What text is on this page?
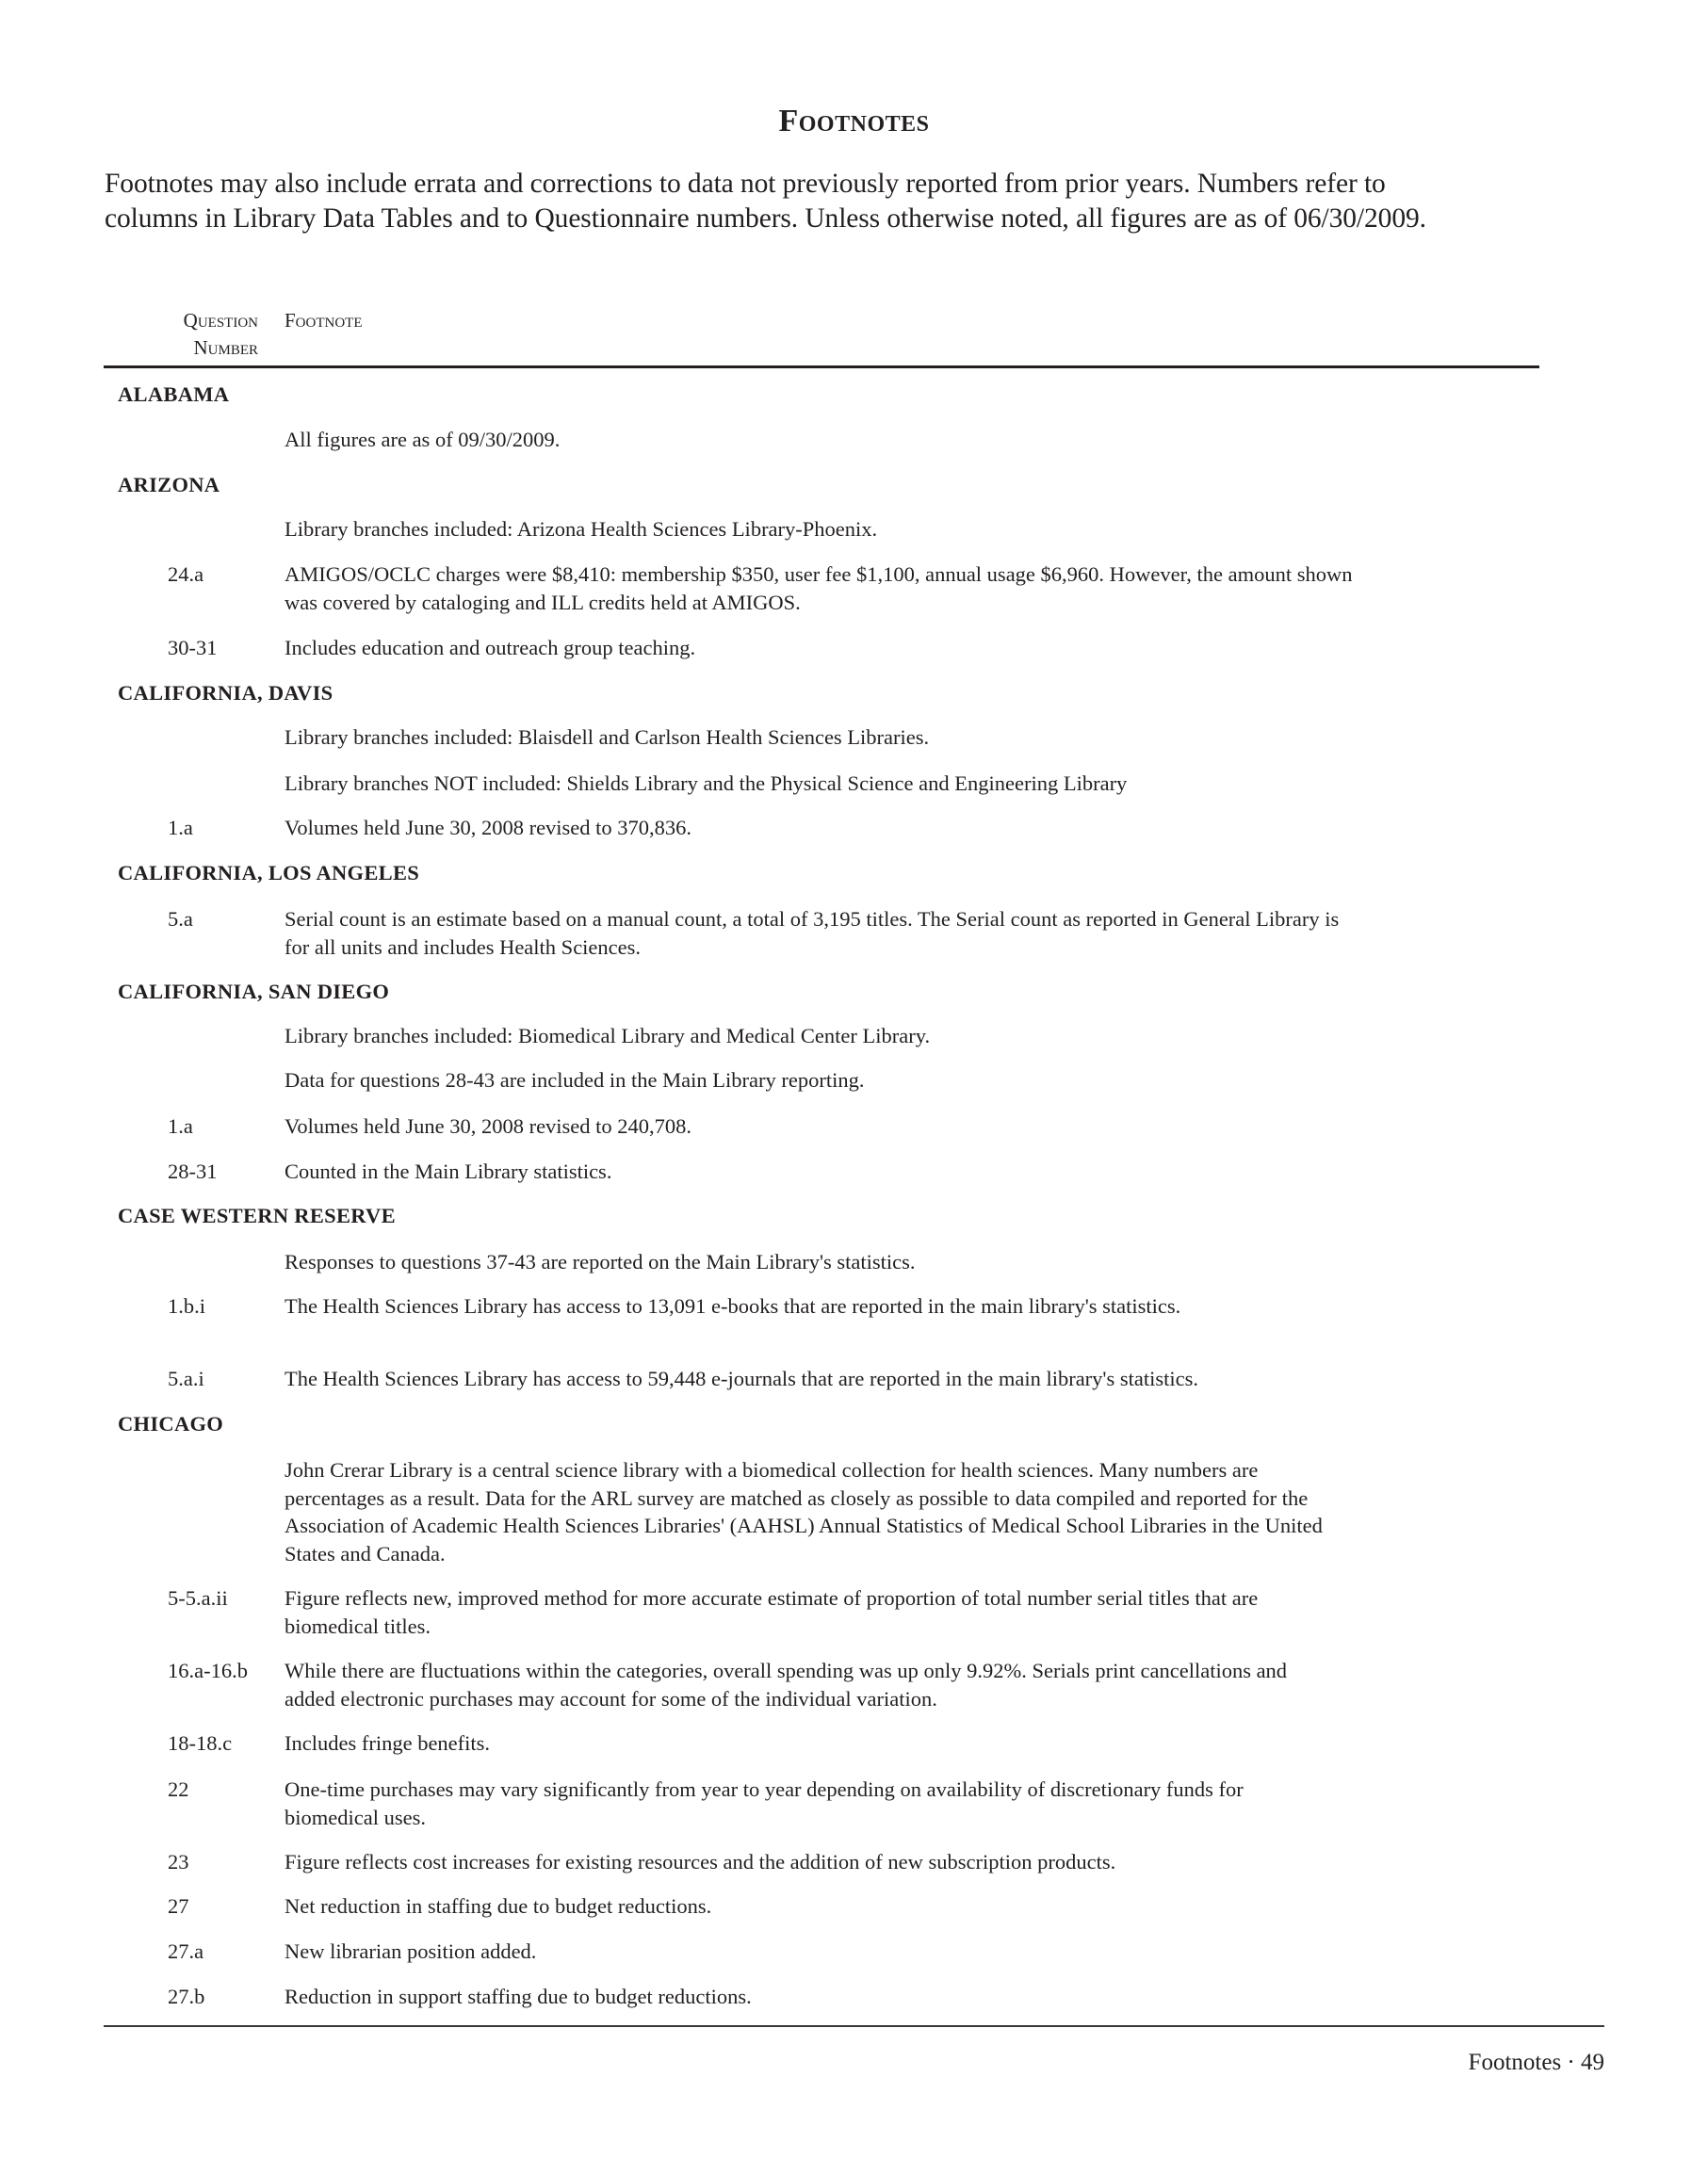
Footnotes
Footnotes may also include errata and corrections to data not previously reported from prior years. Numbers refer to
columns in Library Data Tables and to Questionnaire numbers. Unless otherwise noted, all figures are as of 06/30/2009.
Question
Number
Footnote
ALABAMA
All figures are as of 09/30/2009.
ARIZONA
Library branches included: Arizona Health Sciences Library-Phoenix.
24.a	AMIGOS/OCLC charges were $8,410: membership $350, user fee $1,100, annual usage $6,960. However, the amount shown
was covered by cataloging and ILL credits held at AMIGOS.
30-31	Includes education and outreach group teaching.
CALIFORNIA, DAVIS
Library branches included: Blaisdell and Carlson Health Sciences Libraries.
Library branches NOT included: Shields Library and the Physical Science and Engineering Library
1.a	Volumes held June 30, 2008 revised to 370,836.
CALIFORNIA, LOS ANGELES
5.a	Serial count is an estimate based on a manual count, a total of 3,195 titles. The Serial count as reported in General Library is
for all units and includes Health Sciences.
CALIFORNIA, SAN DIEGO
Library branches included: Biomedical Library and Medical Center Library.
Data for questions 28-43 are included in the Main Library reporting.
1.a	Volumes held June 30, 2008 revised to 240,708.
28-31	Counted in the Main Library statistics.
CASE WESTERN RESERVE
Responses to questions 37-43 are reported on the Main Library's statistics.
1.b.i	The Health Sciences Library has access to 13,091 e-books that are reported in the main library's statistics.
5.a.i	The Health Sciences Library has access to 59,448 e-journals that are reported in the main library's statistics.
CHICAGO
John Crerar Library is a central science library with a biomedical collection for health sciences. Many numbers are
percentages as a result. Data for the ARL survey are matched as closely as possible to data compiled and reported for the
Association of Academic Health Sciences Libraries' (AAHSL) Annual Statistics of Medical School Libraries in the United
States and Canada.
5-5.a.ii	Figure reflects new, improved method for more accurate estimate of proportion of total number serial titles that are
biomedical titles.
16.a-16.b While there are fluctuations within the categories, overall spending was up only 9.92%. Serials print cancellations and
added electronic purchases may account for some of the individual variation.
18-18.c Includes fringe benefits.
22	One-time purchases may vary significantly from year to year depending on availability of discretionary funds for
biomedical uses.
23	Figure reflects cost increases for existing resources and the addition of new subscription products.
27	Net reduction in staffing due to budget reductions.
27.a	New librarian position added.
27.b	Reduction in support staffing due to budget reductions.
Footnotes · 49
